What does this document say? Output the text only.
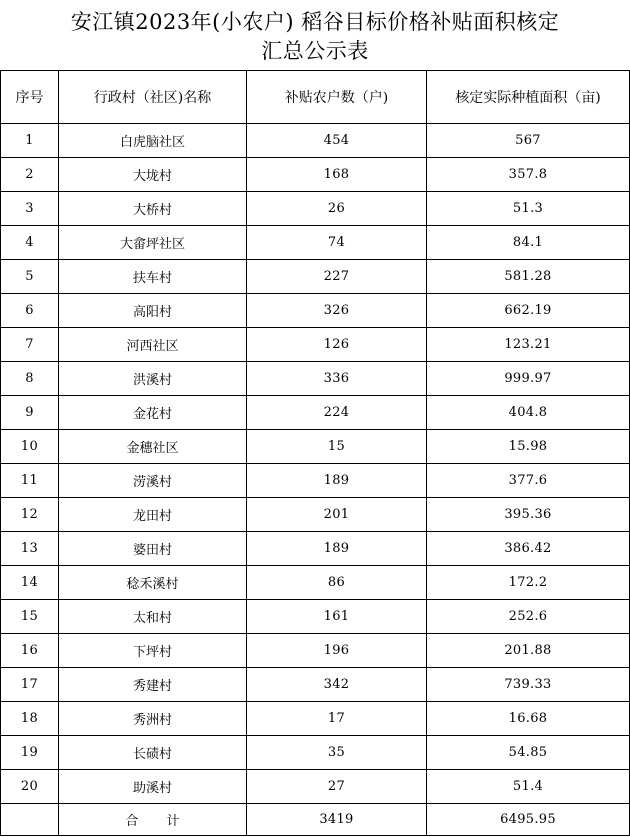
安江镇2023年(小农户) 稻谷目标价格补贴面积核定
汇总公示表
序号	行政村（社区)名称	补贴农户数（户)	核定实际种植面积（亩)
1	白虎脑社区	454	567
2	大垅村	168	357.8
3	大桥村	26	51.3
4	大畲坪社区	74	84.1
5	扶车村	227	581.28
6	高阳村	326	662.19
7	河西社区	126	123.21
8	洪溪村	336	999.97
9	金花村	224	404.8
10	金穗社区	15	15.98
11	涝溪村	189	377.6
12	龙田村	201	395.36
13	婆田村	189	386.42
14	稔禾溪村	86	172.2
15	太和村	161	252.6
16	下坪村	196	201.88
17	秀建村	342	739.33
18	秀洲村	17	16.68
19	长碛村	35	54.85
20	助溪村	27	51.4
	合 计	3419	6495.95
